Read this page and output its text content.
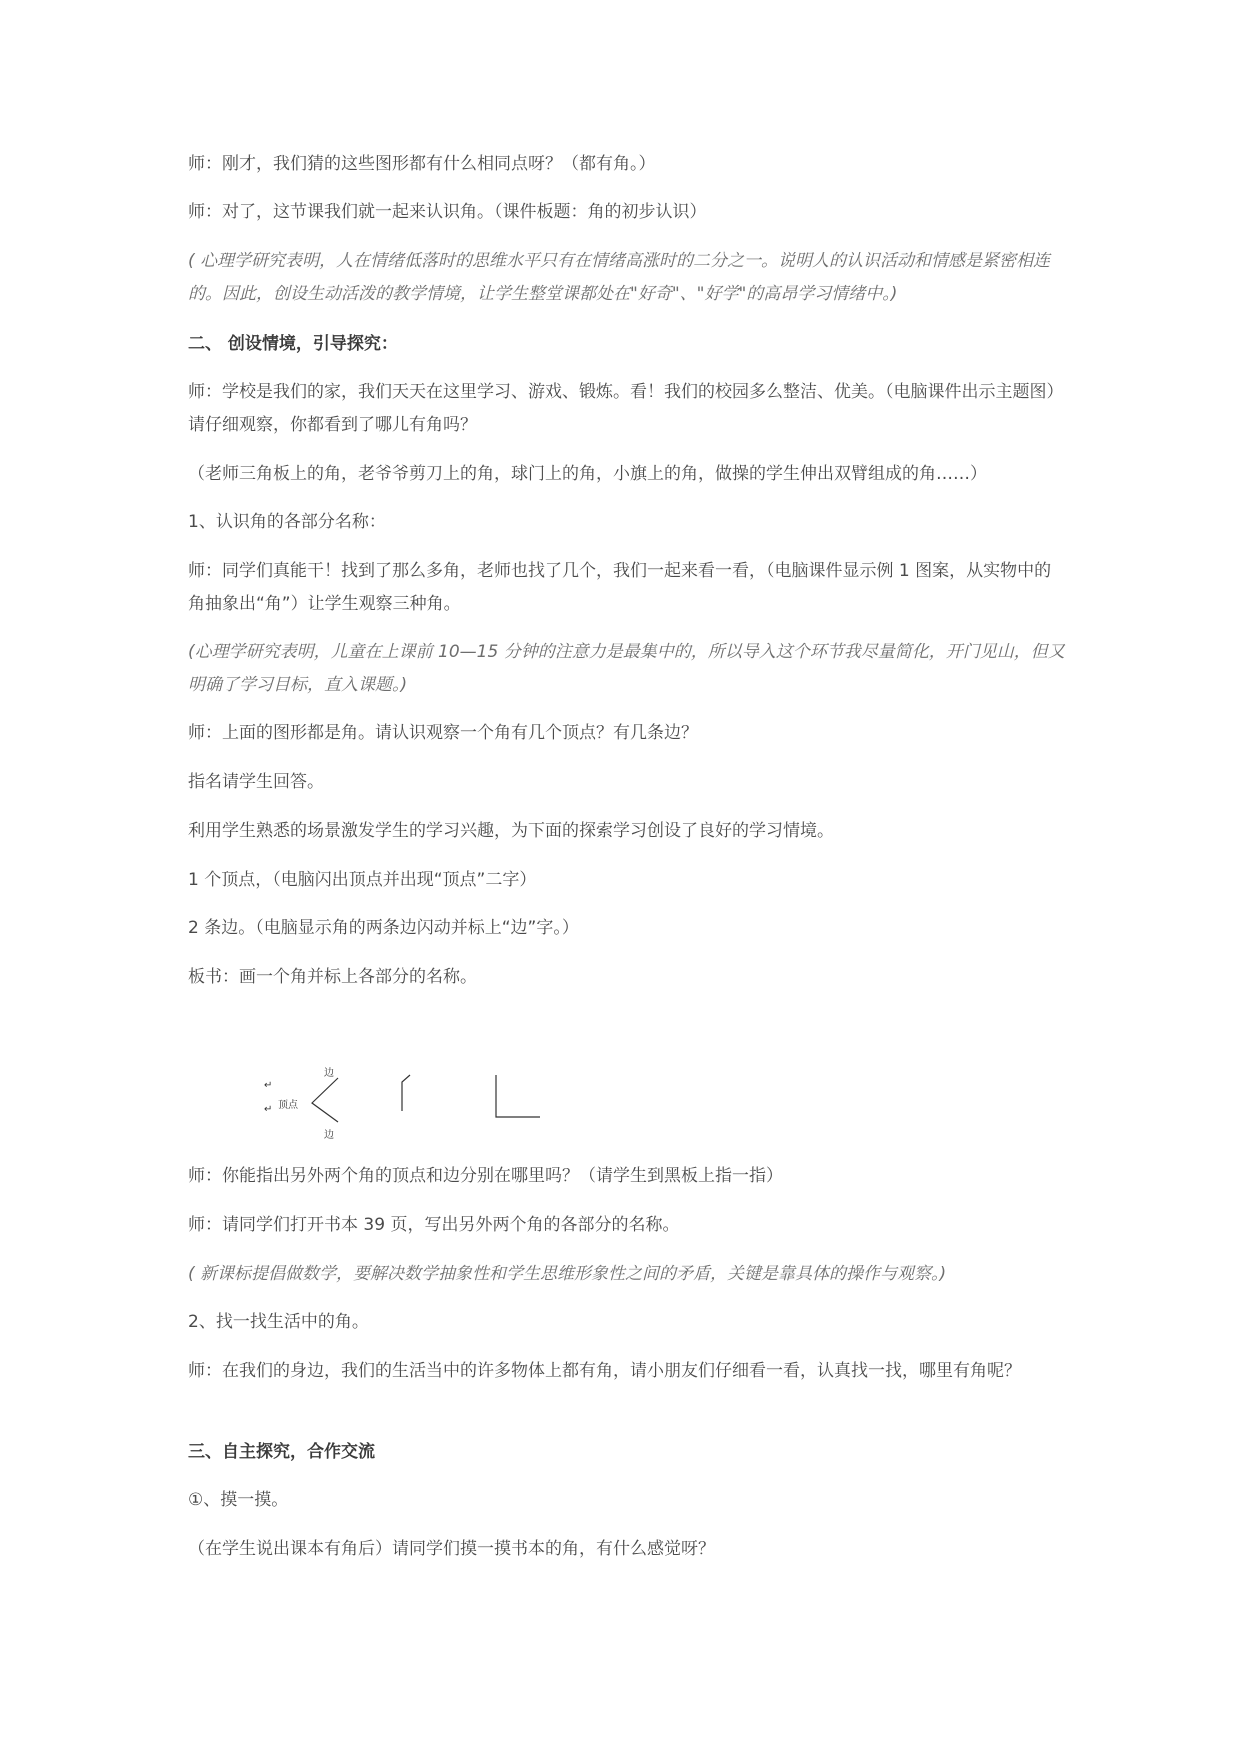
师：刚才，我们猜的这些图形都有什么相同点呀？（都有角。）

师：对了，这节课我们就一起来认识角。（课件板题：角的初步认识）

( 心理学研究表明，人在情绪低落时的思维水平只有在情绪高涨时的二分之一。说明人的认识活动和情感是紧密相连的。因此，创设生动活泼的教学情境，让学生整堂课都处在"好奇"、"好学"的高昂学习情绪中。)

二、 创设情境，引导探究：

师：学校是我们的家，我们天天在这里学习、游戏、锻炼。看！我们的校园多么整洁、优美。（电脑课件出示主题图）请仔细观察，你都看到了哪儿有角吗？

（老师三角板上的角，老爷爷剪刀上的角，球门上的角，小旗上的角，做操的学生伸出双臂组成的角……）

1、认识角的各部分名称：

师：同学们真能干！找到了那么多角，老师也找了几个，我们一起来看一看，（电脑课件显示例 1 图案，从实物中的角抽象出“角”）让学生观察三种角。

(心理学研究表明，儿童在上课前 10—15 分钟的注意力是最集中的，所以导入这个环节我尽量简化，开门见山，但又明确了学习目标，直入课题。)

师：上面的图形都是角。请认识观察一个角有几个顶点？有几条边？

指名请学生回答。

利用学生熟悉的场景激发学生的学习兴趣，为下面的探索学习创设了良好的学习情境。

1 个顶点，（电脑闪出顶点并出现“顶点”二字）

2 条边。（电脑显示角的两条边闪动并标上“边”字。）

板书：画一个角并标上各部分的名称。

↵
↵
边
顶点
边

师：你能指出另外两个角的顶点和边分别在哪里吗？（请学生到黑板上指一指）

师：请同学们打开书本 39 页，写出另外两个角的各部分的名称。

( 新课标提倡做数学，要解决数学抽象性和学生思维形象性之间的矛盾，关键是靠具体的操作与观察。)

2、找一找生活中的角。

师：在我们的身边，我们的生活当中的许多物体上都有角，请小朋友们仔细看一看，认真找一找，哪里有角呢？

三、自主探究，合作交流

①、摸一摸。

（在学生说出课本有角后）请同学们摸一摸书本的角，有什么感觉呀？
